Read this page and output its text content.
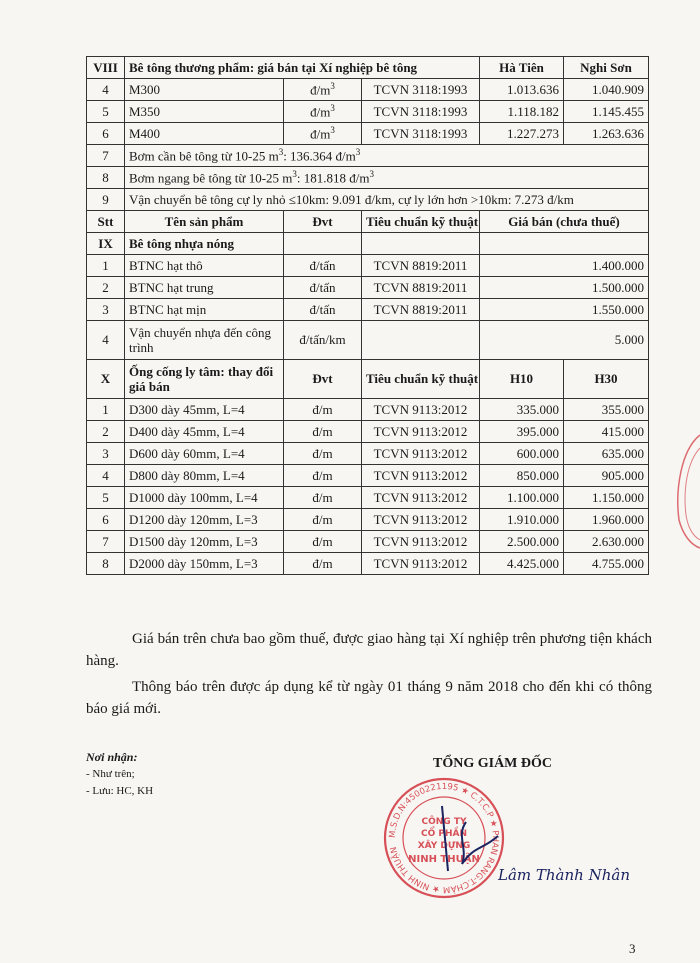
VIII	Bê tông thương phẩm: giá bán tại Xí nghiệp bê tông			Hà Tiên	Nghi Sơn
4	M300	$đ/m^3$	TCVN 3118:1993	1.013.636	1.040.909
5	M350	$đ/m^3$	TCVN 3118:1993	1.118.182	1.145.455
6	M400	$đ/m^3$	TCVN 3118:1993	1.227.273	1.263.636
7	Bơm cần bê tông từ 10-25 $m^3$: 136.364 $đ/m^3$
8	Bơm ngang bê tông từ 10-25 $m^3$: 181.818 $đ/m^3$
9	Vận chuyển bê tông cự ly nhỏ ≤10km: 9.091 đ/km, cự ly lớn hơn >10km: 7.273 đ/km				
Stt	Tên sản phẩm	Đvt	Tiêu chuẩn kỹ thuật	Giá bán (chưa thuế)	
IX	Bê tông nhựa nóng				
1	BTNC hạt thô	đ/tấn	TCVN 8819:2011	1.400.000	
2	BTNC hạt trung	đ/tấn	TCVN 8819:2011	1.500.000	
3	BTNC hạt mịn	đ/tấn	TCVN 8819:2011	1.550.000	
4	Vận chuyển nhựa đến công trình	đ/tấn/km		5.000	
X	Ống cống ly tâm: thay đổi giá bán	Đvt	Tiêu chuẩn kỹ thuật	H10	H30
1	D300 dày 45mm, L=4	đ/m	TCVN 9113:2012	335.000	355.000
2	D400 dày 45mm, L=4	đ/m	TCVN 9113:2012	395.000	415.000
3	D600 dày 60mm, L=4	đ/m	TCVN 9113:2012	600.000	635.000
4	D800 dày 80mm, L=4	đ/m	TCVN 9113:2012	850.000	905.000
5	D1000 dày 100mm, L=4	đ/m	TCVN 9113:2012	1.100.000	1.150.000
6	D1200 dày 120mm, L=3	đ/m	TCVN 9113:2012	1.910.000	1.960.000
7	D1500 dày 120mm, L=3	đ/m	TCVN 9113:2012	2.500.000	2.630.000
8	D2000 dày 150mm, L=3	đ/m	TCVN 9113:2012	4.425.000	4.755.000
Giá bán trên chưa bao gồm thuế, được giao hàng tại Xí nghiệp trên phương tiện khách hàng.
Thông báo trên được áp dụng kể từ ngày 01 tháng 9 năm 2018 cho đến khi có thông báo giá mới.
Nơi nhận:
- Như trên;
- Lưu: HC, KH
TỔNG GIÁM ĐỐC
M.S.D.N:4500221195 ★ C.T.C.P ★ PHAN RANG-T.CHÀM ★ NINH THUẬN
CÔNG TY
CỔ PHẦN
XÂY DỰNG
NINH THUẬN
Lâm Thành Nhân
3
